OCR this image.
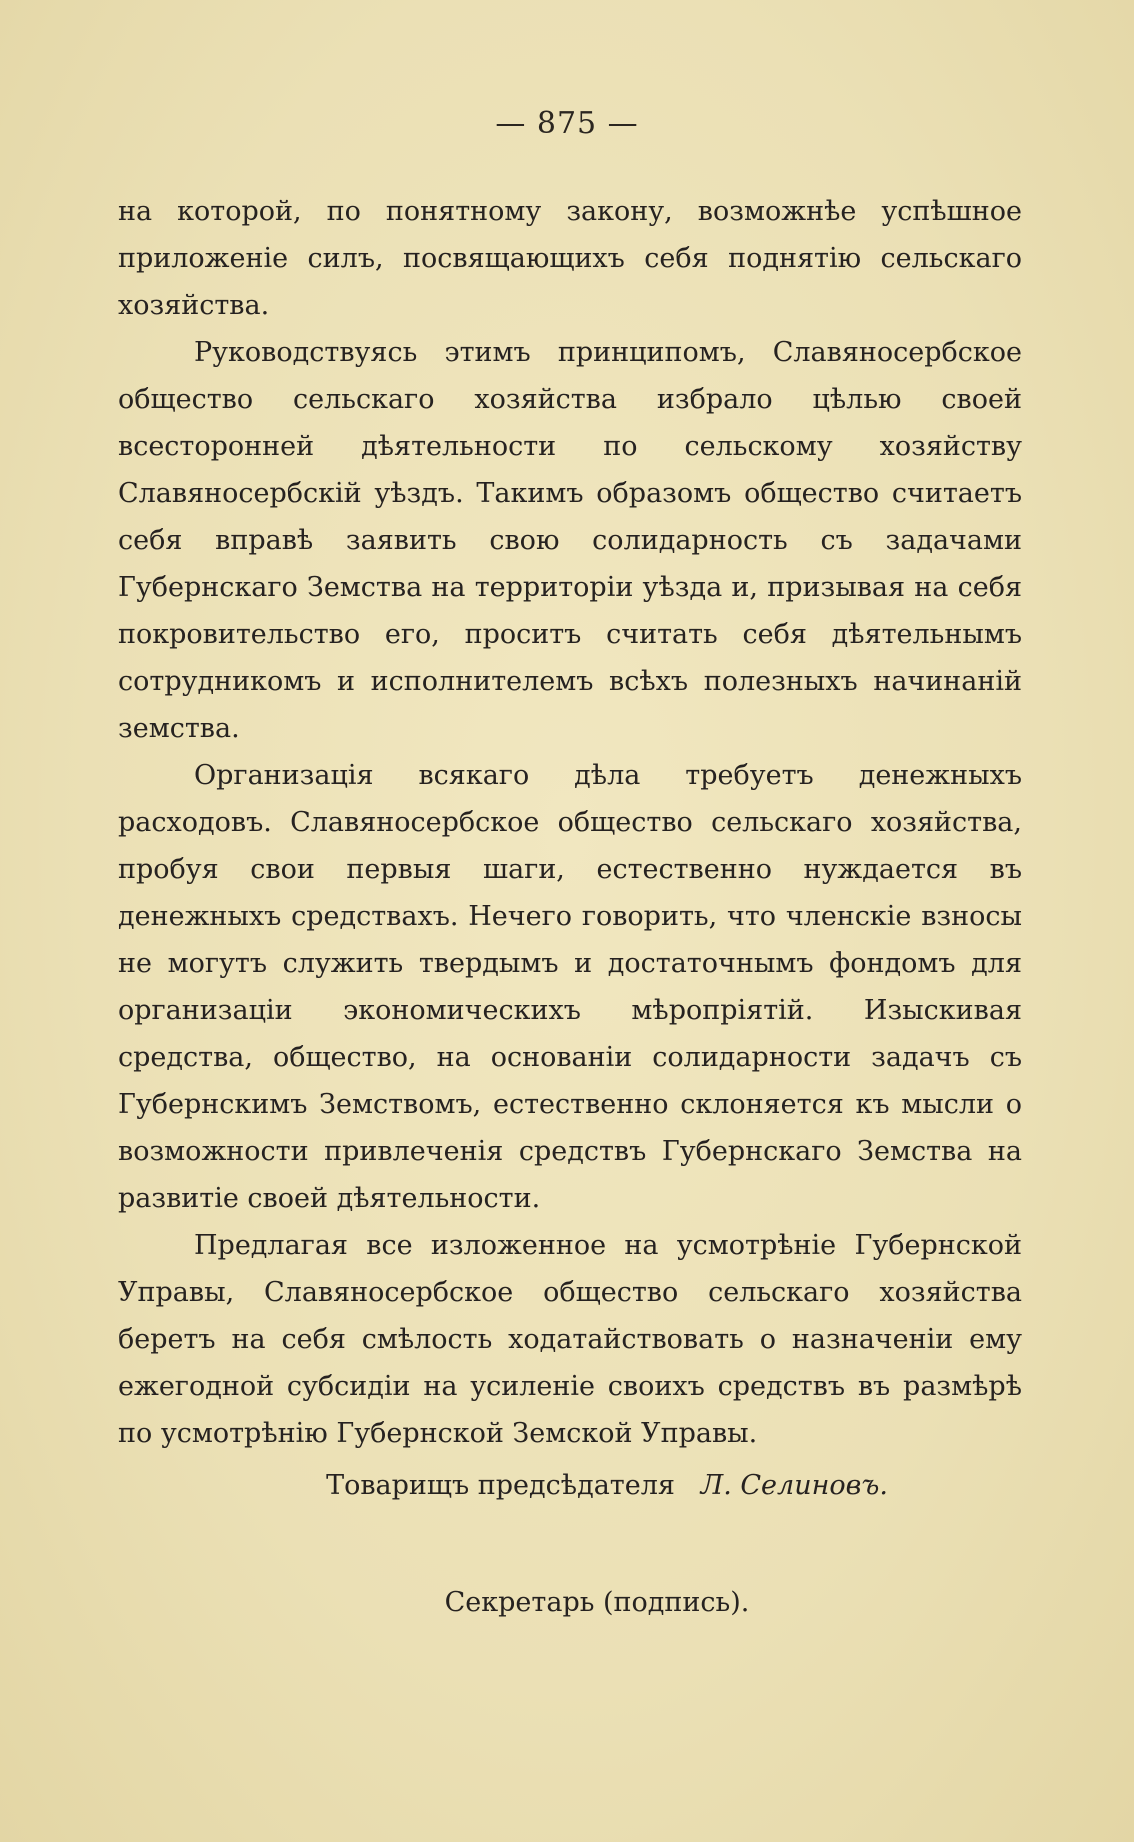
— 875 —

на которой, по понятному закону, возможнѣе успѣшное приложеніе силъ, посвящающихъ себя поднятію сельскаго хозяйства.

Руководствуясь этимъ принципомъ, Славяносербское общество сельскаго хозяйства избрало цѣлью своей всесторонней дѣятельности по сельскому хозяйству Славяносербскій уѣздъ. Такимъ образомъ общество считаетъ себя вправѣ заявить свою солидарность съ задачами Губернскаго Земства на территоріи уѣзда и, призывая на себя покровительство его, проситъ считать себя дѣятельнымъ сотрудникомъ и исполнителемъ всѣхъ полезныхъ начинаній земства.

Организація всякаго дѣла требуетъ денежныхъ расходовъ. Славяносербское общество сельскаго хозяйства, пробуя свои первыя шаги, естественно нуждается въ денежныхъ средствахъ. Нечего говорить, что членскіе взносы не могутъ служить твердымъ и достаточнымъ фондомъ для организаціи экономическихъ мѣропріятій. Изыскивая средства, общество, на основаніи солидарности задачъ съ Губернскимъ Земствомъ, естественно склоняется къ мысли о возможности привлеченія средствъ Губернскаго Земства на развитіе своей дѣятельности.

Предлагая все изложенное на усмотрѣніе Губернской Управы, Славяносербское общество сельскаго хозяйства беретъ на себя смѣлость ходатайствовать о назначеніи ему ежегодной субсидіи на усиленіе своихъ средствъ въ размѣрѣ по усмотрѣнію Губернской Земской Управы.

Товарищъ предсѣдателя Л. Селиновъ.
Секретарь (подпись).
